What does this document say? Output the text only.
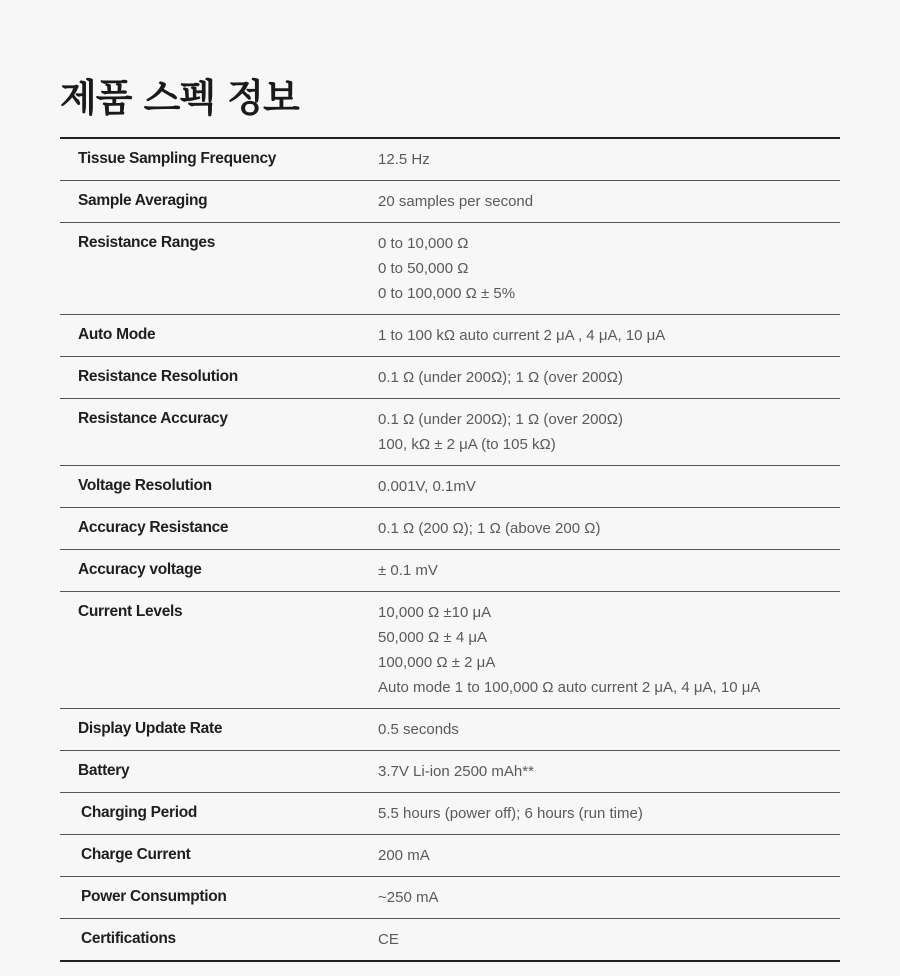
제품 스펙 정보
Tissue Sampling Frequency	12.5 Hz
Sample Averaging	20 samples per second
Resistance Ranges	0 to 10,000 Ω
0 to 50,000 Ω
0 to 100,000 Ω ± 5%
Auto Mode	1 to 100 kΩ auto current 2 μA , 4 μA, 10 μA
Resistance Resolution	0.1 Ω (under 200Ω); 1 Ω (over 200Ω)
Resistance Accuracy	0.1 Ω (under 200Ω); 1 Ω (over 200Ω)
100, kΩ ± 2 μA (to 105 kΩ)
Voltage Resolution	0.001V, 0.1mV
Accuracy Resistance	0.1 Ω (200 Ω); 1 Ω (above 200 Ω)
Accuracy voltage	± 0.1 mV
Current Levels	10,000 Ω ±10 μA
50,000 Ω ± 4 μA
100,000 Ω ± 2 μA
Auto mode 1 to 100,000 Ω auto current 2 μA, 4 μA, 10 μA
Display Update Rate	0.5 seconds
Battery	3.7V Li-ion 2500 mAh**
Charging Period	5.5 hours (power off); 6 hours (run time)
Charge Current	200 mA
Power Consumption	~250 mA
Certifications	CE
